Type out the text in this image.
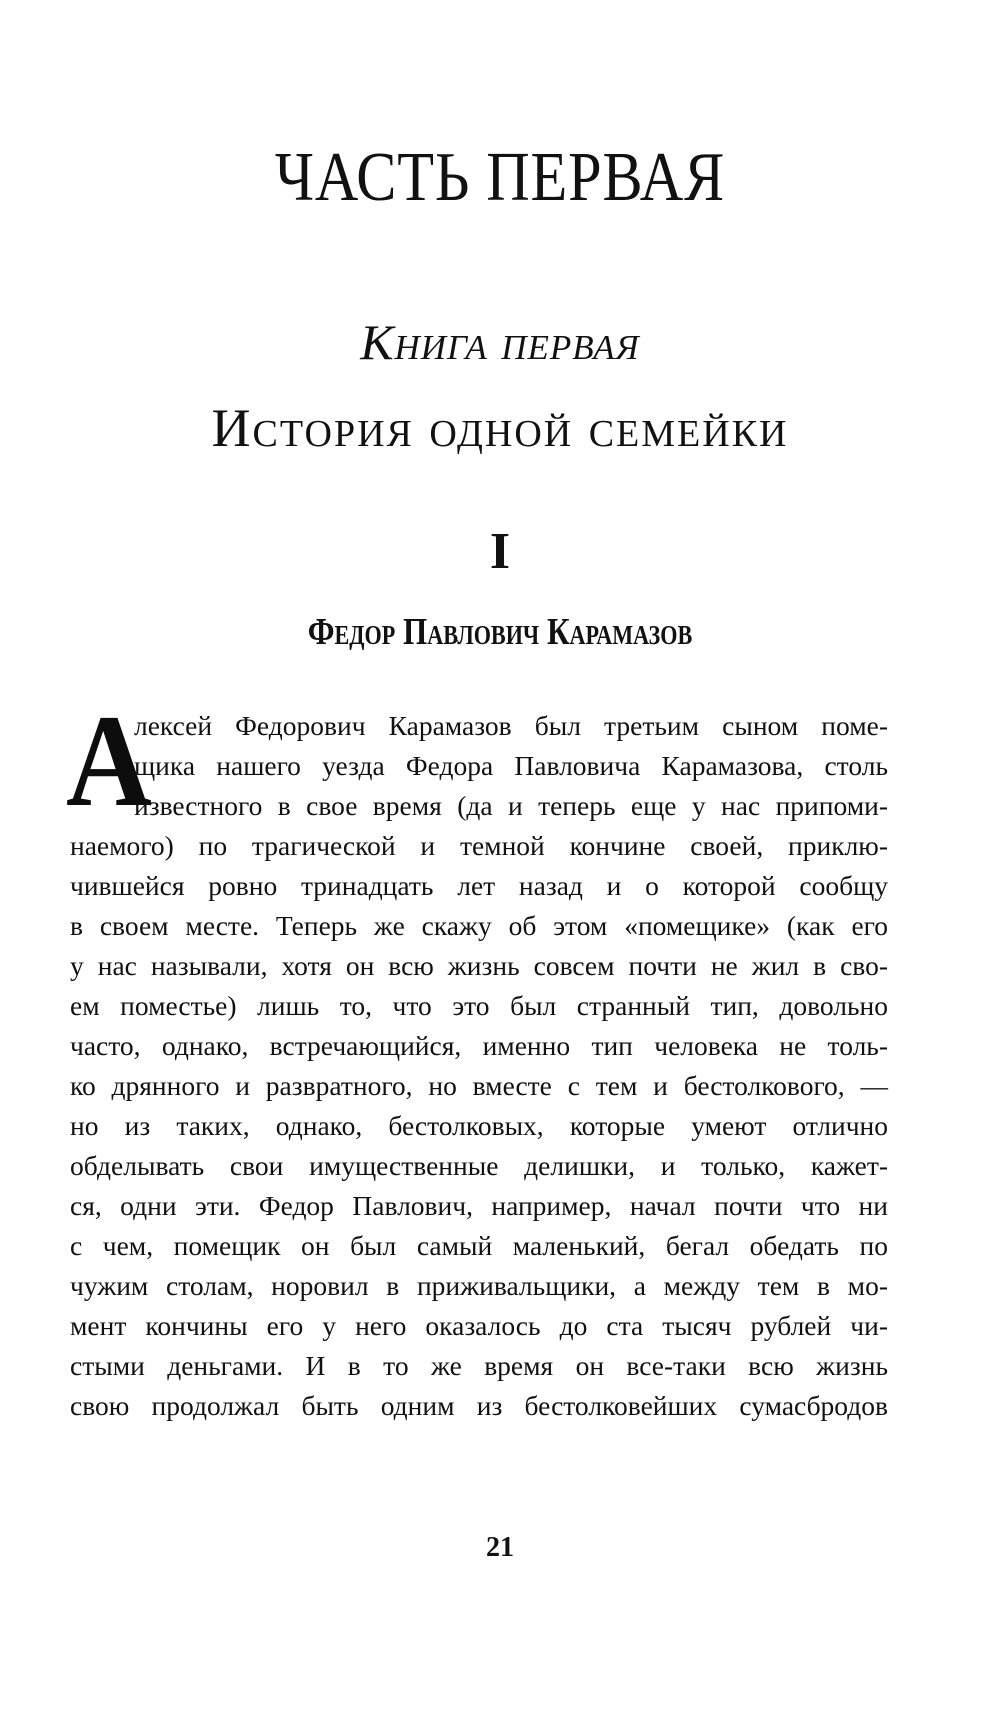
ЧАСТЬ ПЕРВАЯ
Книга первая
История одной семейки
I
Федор Павлович Карамазов
А
лексей Федорович Карамазов был третьим сыном поме-
щика нашего уезда Федора Павловича Карамазова, столь
известного в свое время (да и теперь еще у нас припоми-
наемого) по трагической и темной кончине своей, приклю-
чившейся ровно тринадцать лет назад и о которой сообщу
в своем месте. Теперь же скажу об этом «помещике» (как его
у нас называли, хотя он всю жизнь совсем почти не жил в сво-
ем поместье) лишь то, что это был странный тип, довольно
часто, однако, встречающийся, именно тип человека не толь-
ко дрянного и развратного, но вместе с тем и бестолкового, —
но из таких, однако, бестолковых, которые умеют отлично
обделывать свои имущественные делишки, и только, кажет-
ся, одни эти. Федор Павлович, например, начал почти что ни
с чем, помещик он был самый маленький, бегал обедать по
чужим столам, норовил в приживальщики, а между тем в мо-
мент кончины его у него оказалось до ста тысяч рублей чи-
стыми деньгами. И в то же время он все-таки всю жизнь
свою продолжал быть одним из бестолковейших сумасбродов
21
